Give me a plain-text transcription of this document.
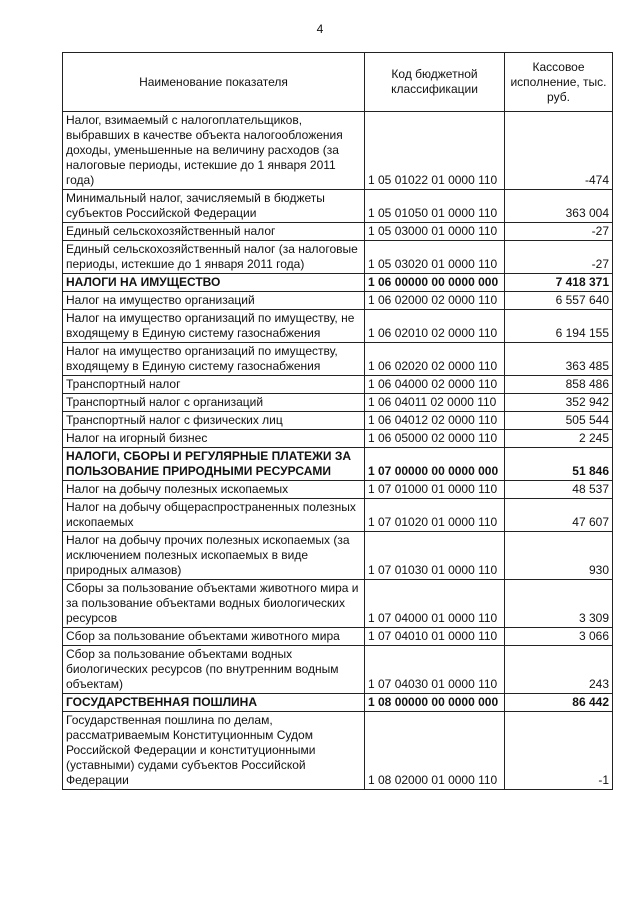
4
Наименование показателя	Код бюджетной классификации	Кассовое исполнение, тыс. руб.
Налог, взимаемый с налогоплательщиков, выбравших в качестве объекта налогообложения доходы, уменьшенные на величину расходов (за налоговые периоды, истекшие до 1 января 2011 года)	1 05 01022 01 0000 110	-474
Минимальный налог, зачисляемый в бюджеты субъектов Российской Федерации	1 05 01050 01 0000 110	363 004
Единый сельскохозяйственный налог	1 05 03000 01 0000 110	-27
Единый сельскохозяйственный налог (за налоговые периоды, истекшие до 1 января 2011 года)	1 05 03020 01 0000 110	-27
НАЛОГИ НА ИМУЩЕСТВО	1 06 00000 00 0000 000	7 418 371
Налог на имущество организаций	1 06 02000 02 0000 110	6 557 640
Налог на имущество организаций по имуществу, не входящему в Единую систему газоснабжения	1 06 02010 02 0000 110	6 194 155
Налог на имущество организаций по имуществу, входящему в Единую систему газоснабжения	1 06 02020 02 0000 110	363 485
Транспортный налог	1 06 04000 02 0000 110	858 486
Транспортный налог с организаций	1 06 04011 02 0000 110	352 942
Транспортный налог с физических лиц	1 06 04012 02 0000 110	505 544
Налог на игорный бизнес	1 06 05000 02 0000 110	2 245
НАЛОГИ, СБОРЫ И РЕГУЛЯРНЫЕ ПЛАТЕЖИ ЗА ПОЛЬЗОВАНИЕ ПРИРОДНЫМИ РЕСУРСАМИ	1 07 00000 00 0000 000	51 846
Налог на добычу полезных ископаемых	1 07 01000 01 0000 110	48 537
Налог на добычу общераспространенных полезных ископаемых	1 07 01020 01 0000 110	47 607
Налог на добычу прочих полезных ископаемых (за исключением полезных ископаемых в виде природных алмазов)	1 07 01030 01 0000 110	930
Сборы за пользование объектами животного мира и за пользование объектами водных биологических ресурсов	1 07 04000 01 0000 110	3 309
Сбор за пользование объектами животного мира	1 07 04010 01 0000 110	3 066
Сбор за пользование объектами водных биологических ресурсов (по внутренним водным объектам)	1 07 04030 01 0000 110	243
ГОСУДАРСТВЕННАЯ ПОШЛИНА	1 08 00000 00 0000 000	86 442
Государственная пошлина по делам, рассматриваемым Конституционным Судом Российской Федерации и конституционными (уставными) судами субъектов Российской Федерации	1 08 02000 01 0000 110	-1
